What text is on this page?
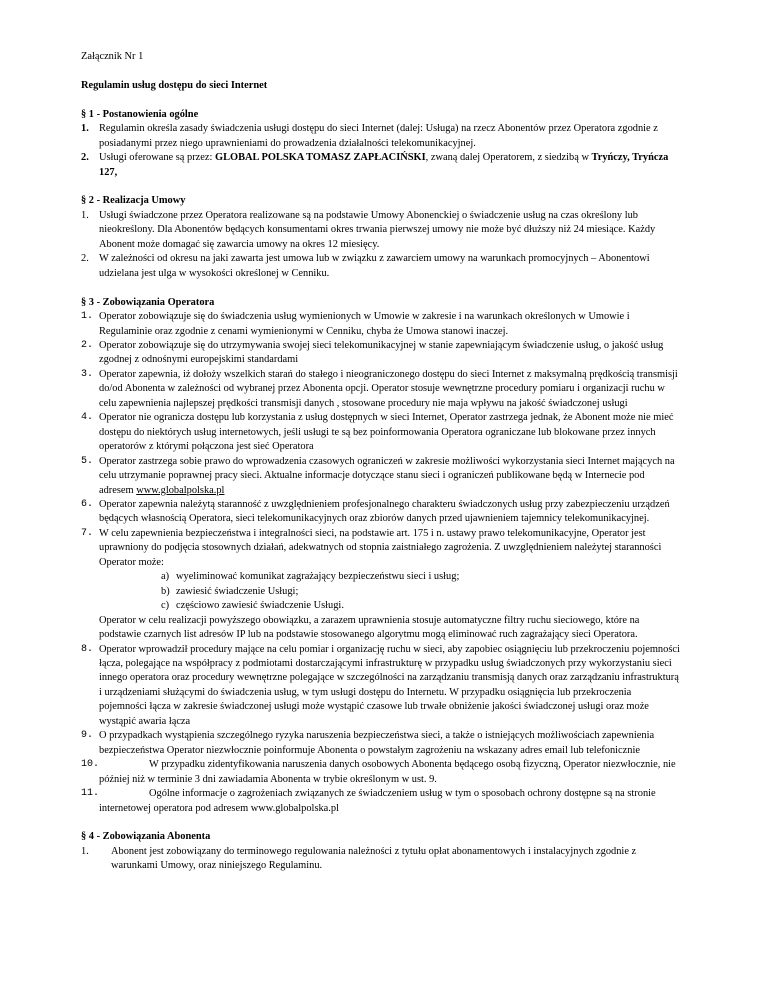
Załącznik Nr 1

Regulamin usług dostępu do sieci Internet

§ 1 - Postanowienia ogólne

1. Regulamin określa zasady świadczenia usługi dostępu do sieci Internet (dalej: Usługa) na rzecz Abonentów przez Operatora zgodnie z posiadanymi przez niego uprawnieniami do prowadzenia działalności telekomunikacyjnej.
2. Usługi oferowane są przez: GLOBAL POLSKA TOMASZ ZAPŁACIŃSKI, zwaną dalej Operatorem, z siedzibą w Tryńczy, Tryńcza 127,

§ 2 - Realizacja Umowy

1. Usługi świadczone przez Operatora realizowane są na podstawie Umowy Abonenckiej o świadczenie usług na czas określony lub nieokreślony. Dla Abonentów będących konsumentami okres trwania pierwszej umowy nie może być dłuższy niż 24 miesiące. Każdy Abonent może domagać się zawarcia umowy na okres 12 miesięcy.
2. W zależności od okresu na jaki zawarta jest umowa lub w związku z zawarciem umowy na warunkach promocyjnych – Abonentowi udzielana jest ulga w wysokości określonej w Cenniku.

§ 3 - Zobowiązania Operatora

1. Operator zobowiązuje się do świadczenia usług wymienionych w Umowie w zakresie i na warunkach określonych w Umowie i Regulaminie oraz zgodnie z cenami wymienionymi w Cenniku, chyba że Umowa stanowi inaczej.
2. Operator zobowiązuje się do utrzymywania swojej sieci telekomunikacyjnej w stanie zapewniającym świadczenie usług, o jakość usług zgodnej z odnośnymi europejskimi standardami
3. Operator zapewnia, iż dołoży wszelkich starań do stałego i nieograniczonego dostępu do sieci Internet z maksymalną prędkością transmisji do/od Abonenta w zależności od wybranej przez Abonenta opcji. Operator stosuje wewnętrzne procedury pomiaru i organizacji ruchu w celu zapewnienia najlepszej prędkości transmisji danych , stosowane procedury nie maja wpływu na jakość świadczonej usługi
4. Operator nie ogranicza dostępu lub korzystania z usług dostępnych w sieci Internet, Operator zastrzega jednak, że Abonent może nie mieć dostępu do niektórych usług internetowych, jeśli usługi te są bez poinformowania Operatora ograniczane lub blokowane przez innych operatorów z którymi połączona jest sieć Operatora
5. Operator zastrzega sobie prawo do wprowadzenia czasowych ograniczeń w zakresie możliwości wykorzystania sieci Internet mających na celu utrzymanie poprawnej pracy sieci. Aktualne informacje dotyczące stanu sieci i ograniczeń publikowane będą w Internecie pod adresem www.globalpolska.pl
6. Operator zapewnia należytą staranność z uwzględnieniem profesjonalnego charakteru świadczonych usług przy zabezpieczeniu urządzeń będących własnością Operatora, sieci telekomunikacyjnych oraz zbiorów danych przed ujawnieniem tajemnicy telekomunikacyjnej.
7. W celu zapewnienia bezpieczeństwa i integralności sieci, na podstawie art. 175 i n. ustawy prawo telekomunikacyjne, Operator jest uprawniony do podjęcia stosownych działań, adekwatnych od stopnia zaistniałego zagrożenia. Z uwzględnieniem należytej staranności Operator może:
a) wyeliminować komunikat zagrażający bezpieczeństwu sieci i usług;
b) zawiesić świadczenie Usługi;
c) częściowo zawiesić świadczenie Usługi.

Operator w celu realizacji powyższego obowiązku, a zarazem uprawnienia stosuje automatyczne filtry ruchu sieciowego, które na podstawie czarnych list adresów IP lub na podstawie stosowanego algorytmu mogą eliminować ruch zagrażający sieci Operatora.

8. Operator wprowadził procedury mające na celu pomiar i organizację ruchu w sieci, aby zapobiec osiągnięciu lub przekroczeniu pojemności łącza, polegające na współpracy z podmiotami dostarczającymi infrastrukturę w przypadku usług świadczonych przy wykorzystaniu sieci innego operatora oraz procedury wewnętrzne polegające w szczególności na zarządzaniu transmisją danych oraz zarządzaniu infrastrukturą i urządzeniami służącymi do świadczenia usług, w tym usługi dostępu do Internetu. W przypadku osiągnięcia lub przekroczenia pojemności łącza w zakresie świadczonej usługi może wystąpić czasowe lub trwałe obniżenie jakości świadczonej usługi oraz może wystąpić awaria łącza
9. O przypadkach wystąpienia szczególnego ryzyka naruszenia bezpieczeństwa sieci, a także o istniejących możliwościach zapewnienia bezpieczeństwa Operator niezwłocznie poinformuje Abonenta o powstałym zagrożeniu na wskazany adres email lub telefonicznie
10.	W przypadku zidentyfikowania naruszenia danych osobowych Abonenta będącego osobą fizyczną, Operator niezwłocznie, nie później niż w terminie 3 dni zawiadamia Abonenta w trybie określonym w ust. 9.
11.	Ogólne informacje o zagrożeniach związanych ze świadczeniem usług w tym o sposobach ochrony dostępne są na stronie internetowej operatora pod adresem www.globalpolska.pl

§ 4 - Zobowiązania Abonenta

1. Abonent jest zobowiązany do terminowego regulowania należności z tytułu opłat abonamentowych i instalacyjnych zgodnie z warunkami Umowy, oraz niniejszego Regulaminu.
